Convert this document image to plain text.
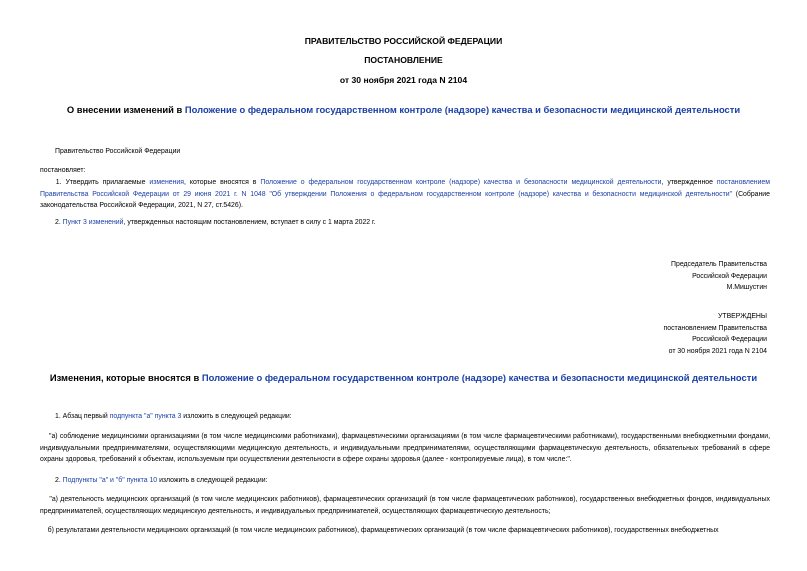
ПРАВИТЕЛЬСТВО РОССИЙСКОЙ ФЕДЕРАЦИИ
ПОСТАНОВЛЕНИЕ
от 30 ноября 2021 года N 2104
О внесении изменений в Положение о федеральном государственном контроле (надзоре) качества и безопасности медицинской деятельности
Правительство Российской Федерации
постановляет:
1. Утвердить прилагаемые изменения, которые вносятся в Положение о федеральном государственном контроле (надзоре) качества и безопасности медицинской деятельности, утвержденное постановлением Правительства Российской Федерации от 29 июня 2021 г. N 1048 "Об утверждении Положения о федеральном государственном контроле (надзоре) качества и безопасности медицинской деятельности" (Собрание законодательства Российской Федерации, 2021, N 27, ст.5426).
2. Пункт 3 изменений, утвержденных настоящим постановлением, вступает в силу с 1 марта 2022 г.
Председатель Правительства
Российской Федерации
М.Мишустин
УТВЕРЖДЕНЫ
постановлением Правительства
Российской Федерации
от 30 ноября 2021 года N 2104
Изменения, которые вносятся в Положение о федеральном государственном контроле (надзоре) качества и безопасности медицинской деятельности
1. Абзац первый подпункта "а" пункта 3 изложить в следующей редакции:
"а) соблюдение медицинскими организациями (в том числе медицинскими работниками), фармацевтическими организациями (в том числе фармацевтическими работниками), государственными внебюджетными фондами, индивидуальными предпринимателями, осуществляющими медицинскую деятельность, и индивидуальными предпринимателями, осуществляющими фармацевтическую деятельность, обязательных требований в сфере охраны здоровья, требований к объектам, используемым при осуществлении деятельности в сфере охраны здоровья (далее - контролируемые лица), в том числе:".
2. Подпункты "а" и "б" пункта 10 изложить в следующей редакции:
"а) деятельность медицинских организаций (в том числе медицинских работников), фармацевтических организаций (в том числе фармацевтических работников), государственных внебюджетных фондов, индивидуальных предпринимателей, осуществляющих медицинскую деятельность, и индивидуальных предпринимателей, осуществляющих фармацевтическую деятельность;
б) результатами деятельности медицинских организаций (в том числе медицинских работников), фармацевтических организаций (в том числе фармацевтических работников), государственных внебюджетных
